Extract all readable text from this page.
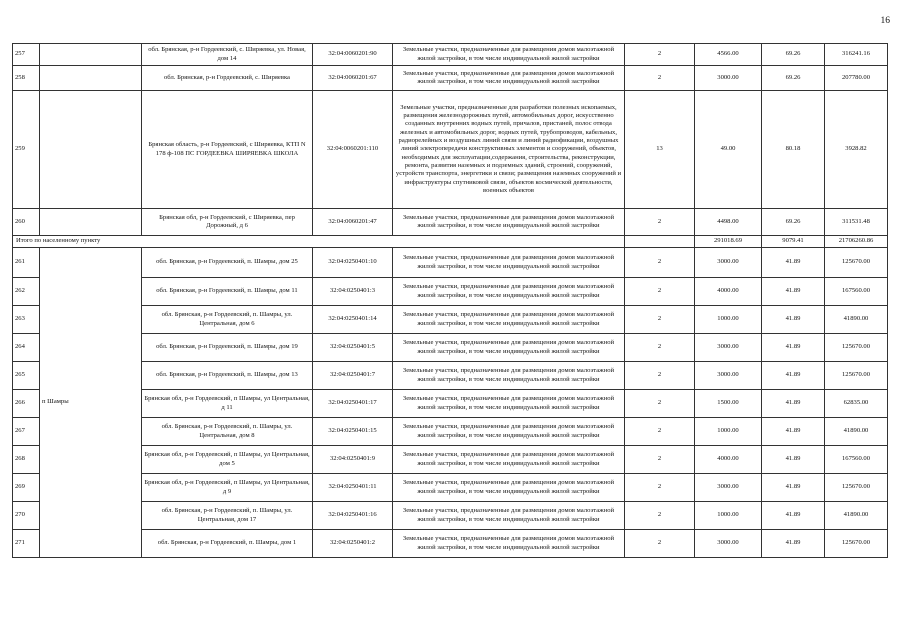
16
257		обл. Брянская, р-н Гордеевский, с. Ширяевка, ул. Новая, дом 14	32:04:0060201:90	Земельные участки, предназначенные для размещения домов малоэтажной жилой застройки, в том числе индивидуальной жилой застройки	2	4566.00	69.26	316241.16
258		обл. Брянская, р-н Гордеевский, с. Ширяевка	32:04:0060201:67	Земельные участки, предназначенные для размещения домов малоэтажной жилой застройки, в том числе индивидуальной жилой застройки	2	3000.00	69.26	207780.00
259		Брянская область, р-н Гордеевский, с Ширяевка, КТП N 178 ф-108 ПС ГОРДЕЕВКА ШИРЯЕВКА ШКОЛА	32:04:0060201:110	Земельные участки, предназначенные для разработки полезных ископаемых, размещения железнодорожных путей, автомобильных дорог, искусственно созданных внутренних водных путей, причалов, пристаней, полос отвода железных и автомобильных дорог, водных путей, трубопроводов, кабельных, радиорелейных и воздушных линий связи и линий радиофикации, воздушных линий электропередачи конструктивных элементов и сооружений, объектов, необходимых для эксплуатации,содержания, строительства, реконструкции, ремонта, развития наземных и подземных зданий, строений, сооружений, устройств транспорта, энергетики и связи; размещения наземных сооружений и инфраструктуры спутниковой связи, объектов космической деятельности, военных объектов	13	49.00	80.18	3928.82
260		Брянская обл, р-н Гордеевский, с Ширяевка, пер Дорожный, д 6	32:04:0060201:47	Земельные участки, предназначенные для размещения домов малоэтажной жилой застройки, в том числе индивидуальной жилой застройки	2	4498.00	69.26	311531.48
Итого по населенному пункту						291018.69	9079.41	21706260.86
261	п Шамры	обл. Брянская, р-н Гордеевский, п. Шамры, дом 25	32:04:0250401:10	Земельные участки, предназначенные для размещения домов малоэтажной жилой застройки, в том числе индивидуальной жилой застройки	2	3000.00	41.89	125670.00
262		обл. Брянская, р-н Гордеевский, п. Шамры, дом 11	32:04:0250401:3	Земельные участки, предназначенные для размещения домов малоэтажной жилой застройки, в том числе индивидуальной жилой застройки	2	4000.00	41.89	167560.00
263		обл. Брянская, р-н Гордеевский, п. Шамры, ул. Центральная, дом 6	32:04:0250401:14	Земельные участки, предназначенные для размещения домов малоэтажной жилой застройки, в том числе индивидуальной жилой застройки	2	1000.00	41.89	41890.00
264		обл. Брянская, р-н Гордеевский, п. Шамры, дом 19	32:04:0250401:5	Земельные участки, предназначенные для размещения домов малоэтажной жилой застройки, в том числе индивидуальной жилой застройки	2	3000.00	41.89	125670.00
265		обл. Брянская, р-н Гордеевский, п. Шамры, дом 13	32:04:0250401:7	Земельные участки, предназначенные для размещения домов малоэтажной жилой застройки, в том числе индивидуальной жилой застройки	2	3000.00	41.89	125670.00
266		Брянская обл, р-н Гордеевский, п Шамры, ул Центральная, д 11	32:04:0250401:17	Земельные участки, предназначенные для размещения домов малоэтажной жилой застройки, в том числе индивидуальной жилой застройки	2	1500.00	41.89	62835.00
267		обл. Брянская, р-н Гордеевский, п. Шамры, ул. Центральная, дом 8	32:04:0250401:15	Земельные участки, предназначенные для размещения домов малоэтажной жилой застройки, в том числе индивидуальной жилой застройки	2	1000.00	41.89	41890.00
268		Брянская обл, р-н Гордеевский, п Шамры, ул Центральная, дом 5	32:04:0250401:9	Земельные участки, предназначенные для размещения домов малоэтажной жилой застройки, в том числе индивидуальной жилой застройки	2	4000.00	41.89	167560.00
269		Брянская обл, р-н Гордеевский, п Шамры, ул Центральная, д 9	32:04:0250401:11	Земельные участки, предназначенные для размещения домов малоэтажной жилой застройки, в том числе индивидуальной жилой застройки	2	3000.00	41.89	125670.00
270		обл. Брянская, р-н Гордеевский, п. Шамры, ул. Центральная, дом 17	32:04:0250401:16	Земельные участки, предназначенные для размещения домов малоэтажной жилой застройки, в том числе индивидуальной жилой застройки	2	1000.00	41.89	41890.00
271		обл. Брянская, р-н Гордеевский, п. Шамры, дом 1	32:04:0250401:2	Земельные участки, предназначенные для размещения домов малоэтажной жилой застройки, в том числе индивидуальной жилой застройки	2	3000.00	41.89	125670.00
